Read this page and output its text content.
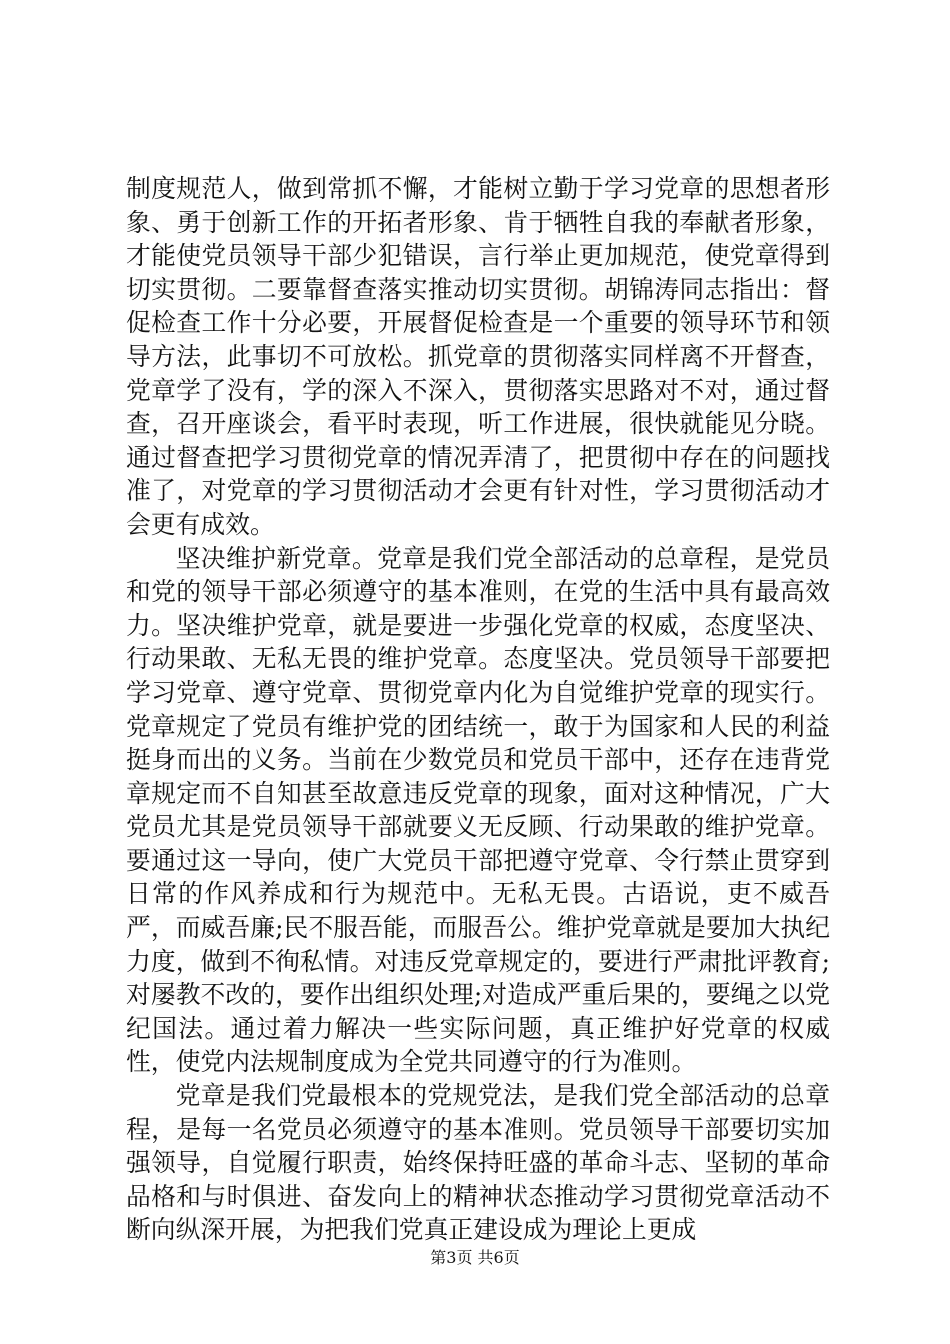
制度规范人，做到常抓不懈，才能树立勤于学习党章的思想者形象、勇于创新工作的开拓者形象、肯于牺牲自我的奉献者形象，才能使党员领导干部少犯错误，言行举止更加规范，使党章得到切实贯彻。二要靠督查落实推动切实贯彻。胡锦涛同志指出：督促检查工作十分必要，开展督促检查是一个重要的领导环节和领导方法，此事切不可放松。抓党章的贯彻落实同样离不开督查，党章学了没有，学的深入不深入，贯彻落实思路对不对，通过督查，召开座谈会，看平时表现，听工作进展，很快就能见分晓。通过督查把学习贯彻党章的情况弄清了，把贯彻中存在的问题找准了，对党章的学习贯彻活动才会更有针对性，学习贯彻活动才会更有成效。

坚决维护新党章。党章是我们党全部活动的总章程，是党员和党的领导干部必须遵守的基本准则，在党的生活中具有最高效力。坚决维护党章，就是要进一步强化党章的权威，态度坚决、行动果敢、无私无畏的维护党章。态度坚决。党员领导干部要把学习党章、遵守党章、贯彻党章内化为自觉维护党章的现实行。党章规定了党员有维护党的团结统一，敢于为国家和人民的利益挺身而出的义务。当前在少数党员和党员干部中，还存在违背党章规定而不自知甚至故意违反党章的现象，面对这种情况，广大党员尤其是党员领导干部就要义无反顾、行动果敢的维护党章。要通过这一导向，使广大党员干部把遵守党章、令行禁止贯穿到日常的作风养成和行为规范中。无私无畏。古语说，吏不威吾严，而威吾廉;民不服吾能，而服吾公。维护党章就是要加大执纪力度，做到不徇私情。对违反党章规定的，要进行严肃批评教育;对屡教不改的，要作出组织处理;对造成严重后果的，要绳之以党纪国法。通过着力解决一些实际问题，真正维护好党章的权威性，使党内法规制度成为全党共同遵守的行为准则。

党章是我们党最根本的党规党法，是我们党全部活动的总章程，是每一名党员必须遵守的基本准则。党员领导干部要切实加强领导，自觉履行职责，始终保持旺盛的革命斗志、坚韧的革命品格和与时俱进、奋发向上的精神状态推动学习贯彻党章活动不断向纵深开展，为把我们党真正建设成为理论上更成

第3页 共6页
